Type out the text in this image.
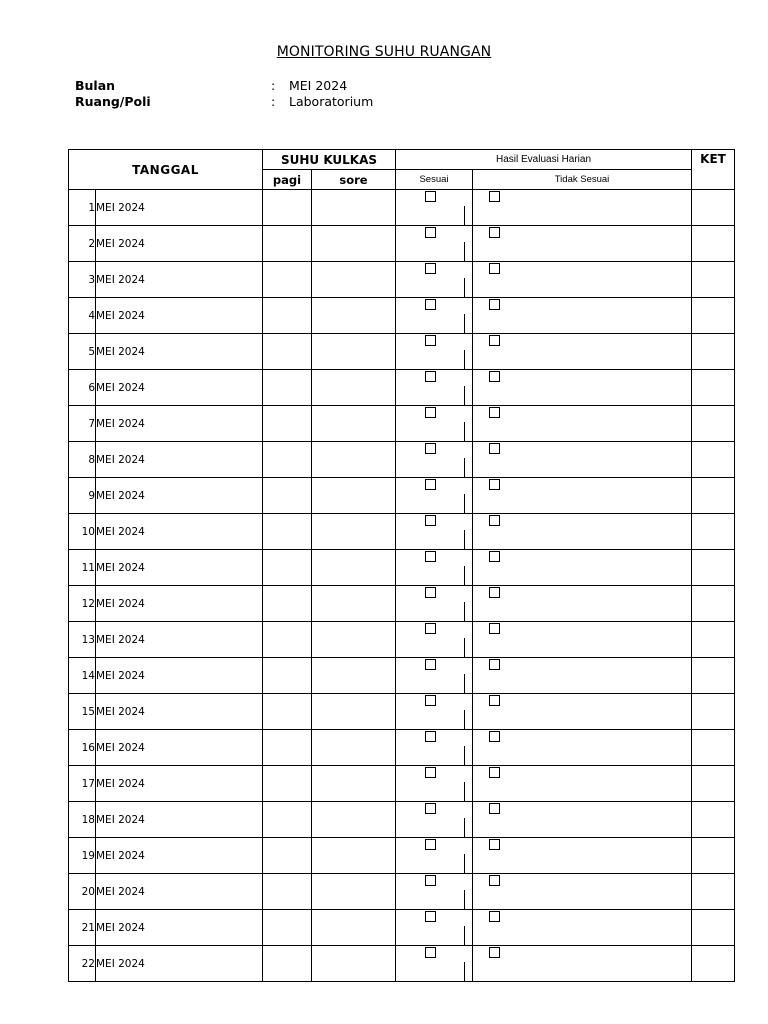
MONITORING SUHU RUANGAN
Bulan	: MEI 2024
Ruang/Poli	: Laboratorium
TANGGAL		SUHU KULKAS		Hasil Evaluasi Harian		KET
		pagi	sore	Sesuai	Tidak Sesuai	
1	MEI 2024			

2	MEI 2024			

3	MEI 2024			

4	MEI 2024			

5	MEI 2024			

6	MEI 2024			

7	MEI 2024			

8	MEI 2024			

9	MEI 2024			

10	MEI 2024			

11	MEI 2024			

12	MEI 2024			

13	MEI 2024			

14	MEI 2024			

15	MEI 2024			

16	MEI 2024			

17	MEI 2024			

18	MEI 2024			

19	MEI 2024			

20	MEI 2024			

21	MEI 2024			

22	MEI 2024			
